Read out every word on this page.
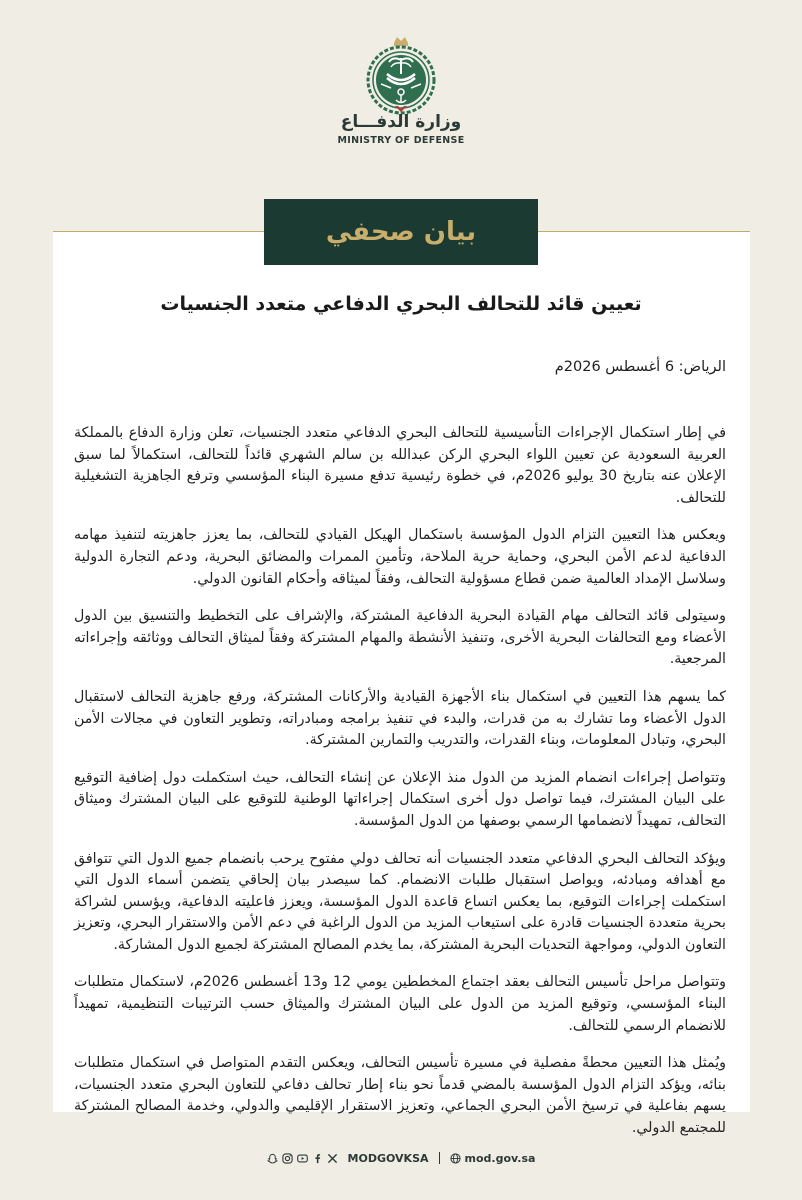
وزارة الدفـــاع
MINISTRY OF DEFENSE
بيان صحفي
تعيين قائد للتحالف البحري الدفاعي متعدد الجنسيات
الرياض: 6 أغسطس 2026م

في إطار استكمال الإجراءات التأسيسية للتحالف البحري الدفاعي متعدد الجنسيات، تعلن وزارة الدفاع بالمملكة العربية السعودية عن تعيين اللواء البحري الركن عبدالله بن سالم الشهري قائداً للتحالف، استكمالاً لما سبق الإعلان عنه بتاريخ 30 يوليو 2026م، في خطوة رئيسية تدفع مسيرة البناء المؤسسي وترفع الجاهزية التشغيلية للتحالف.

ويعكس هذا التعيين التزام الدول المؤسسة باستكمال الهيكل القيادي للتحالف، بما يعزز جاهزيته لتنفيذ مهامه الدفاعية لدعم الأمن البحري، وحماية حرية الملاحة، وتأمين الممرات والمضائق البحرية، ودعم التجارة الدولية وسلاسل الإمداد العالمية ضمن قطاع مسؤولية التحالف، وفقاً لميثاقه وأحكام القانون الدولي.

وسيتولى قائد التحالف مهام القيادة البحرية الدفاعية المشتركة، والإشراف على التخطيط والتنسيق بين الدول الأعضاء ومع التحالفات البحرية الأخرى، وتنفيذ الأنشطة والمهام المشتركة وفقاً لميثاق التحالف ووثائقه وإجراءاته المرجعية.

كما يسهم هذا التعيين في استكمال بناء الأجهزة القيادية والأركانات المشتركة، ورفع جاهزية التحالف لاستقبال الدول الأعضاء وما تشارك به من قدرات، والبدء في تنفيذ برامجه ومبادراته، وتطوير التعاون في مجالات الأمن البحري، وتبادل المعلومات، وبناء القدرات، والتدريب والتمارين المشتركة.

وتتواصل إجراءات انضمام المزيد من الدول منذ الإعلان عن إنشاء التحالف، حيث استكملت دول إضافية التوقيع على البيان المشترك، فيما تواصل دول أخرى استكمال إجراءاتها الوطنية للتوقيع على البيان المشترك وميثاق التحالف، تمهيداً لانضمامها الرسمي بوصفها من الدول المؤسسة.

ويؤكد التحالف البحري الدفاعي متعدد الجنسيات أنه تحالف دولي مفتوح يرحب بانضمام جميع الدول التي تتوافق مع أهدافه ومبادئه، ويواصل استقبال طلبات الانضمام. كما سيصدر بيان إلحاقي يتضمن أسماء الدول التي استكملت إجراءات التوقيع، بما يعكس اتساع قاعدة الدول المؤسسة، ويعزز فاعليته الدفاعية، ويؤسس لشراكة بحرية متعددة الجنسيات قادرة على استيعاب المزيد من الدول الراغبة في دعم الأمن والاستقرار البحري، وتعزيز التعاون الدولي، ومواجهة التحديات البحرية المشتركة، بما يخدم المصالح المشتركة لجميع الدول المشاركة.

وتتواصل مراحل تأسيس التحالف بعقد اجتماع المخططين يومي 12 و13 أغسطس 2026م، لاستكمال متطلبات البناء المؤسسي، وتوقيع المزيد من الدول على البيان المشترك والميثاق حسب الترتيبات التنظيمية، تمهيداً للانضمام الرسمي للتحالف.

ويُمثل هذا التعيين محطةً مفصلية في مسيرة تأسيس التحالف، ويعكس التقدم المتواصل في استكمال متطلبات بنائه، ويؤكد التزام الدول المؤسسة بالمضي قدماً نحو بناء إطار تحالف دفاعي للتعاون البحري متعدد الجنسيات، يسهم بفاعلية في ترسيخ الأمن البحري الجماعي، وتعزيز الاستقرار الإقليمي والدولي، وخدمة المصالح المشتركة للمجتمع الدولي.

MODGOVKSA	mod.gov.sa
